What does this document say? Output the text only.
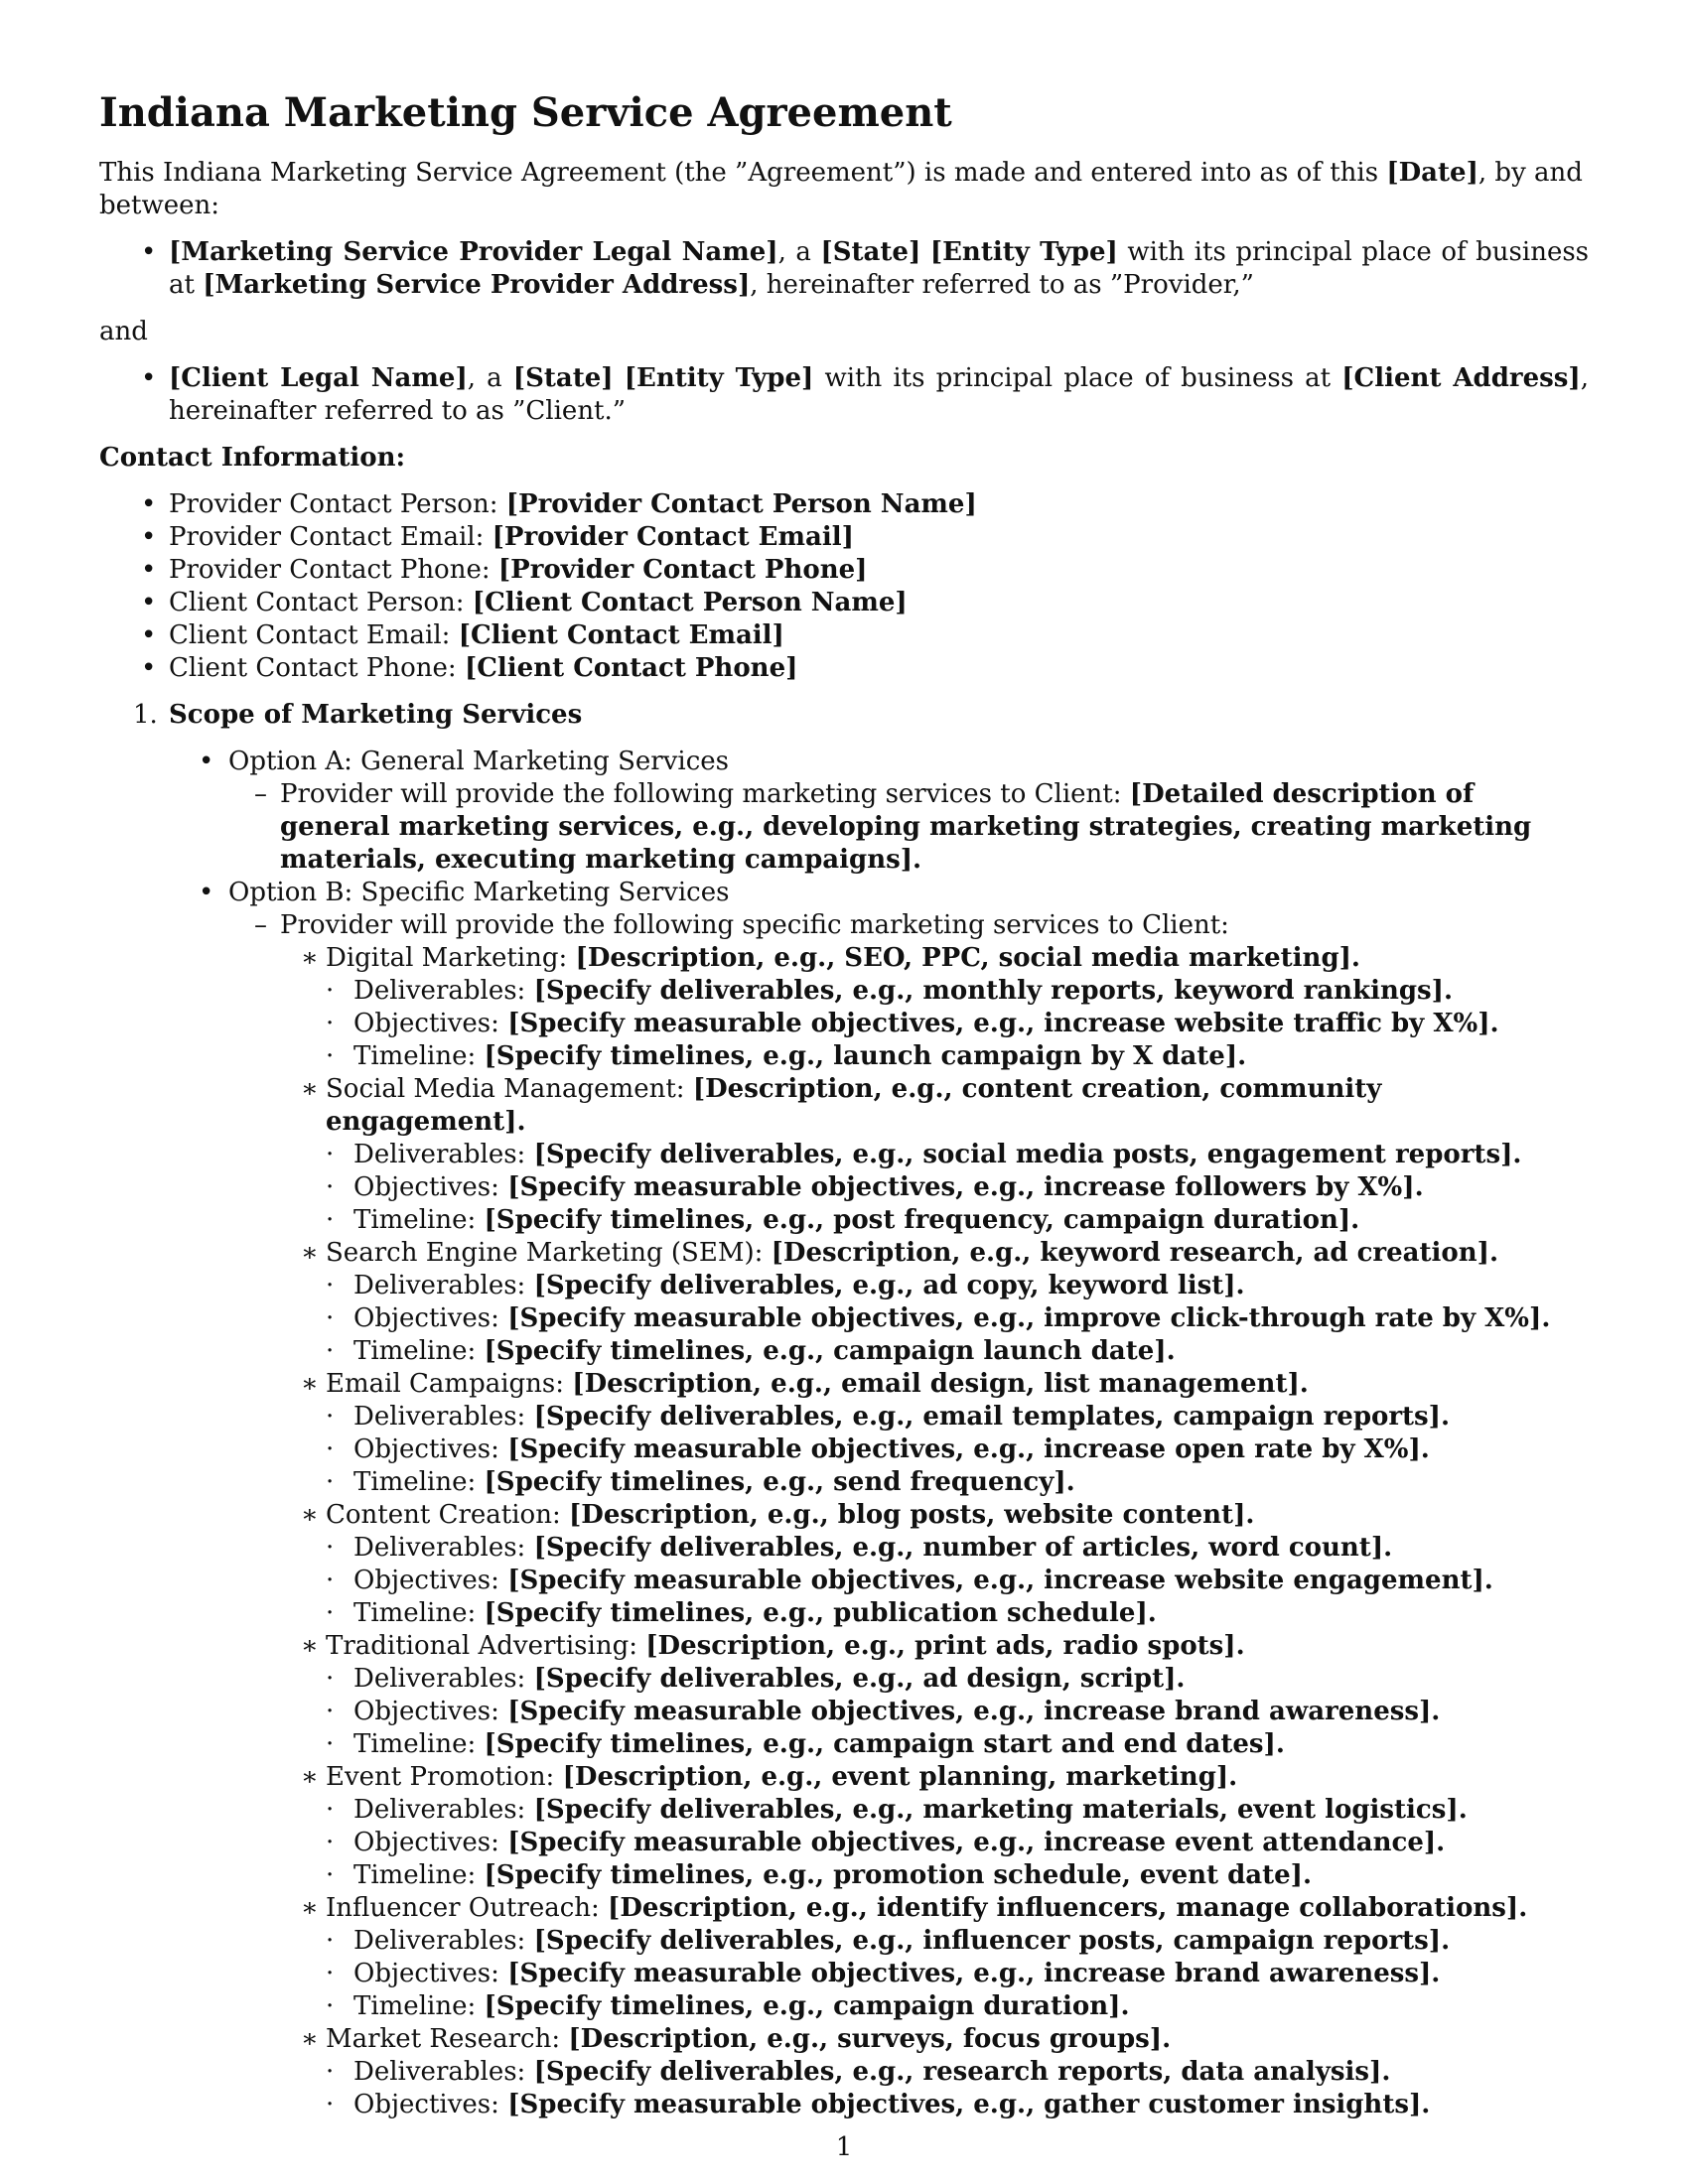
Indiana Marketing Service Agreement

This Indiana Marketing Service Agreement (the ”Agreement”) is made and entered into as of this [Date], by and between:

• [Marketing Service Provider Legal Name], a [State] [Entity Type] with its principal place of business at [Marketing Service Provider Address], hereinafter referred to as ”Provider,”

and

• [Client Legal Name], a [State] [Entity Type] with its principal place of business at [Client Address], hereinafter referred to as ”Client.”

Contact Information:

• Provider Contact Person: [Provider Contact Person Name]
• Provider Contact Email: [Provider Contact Email]
• Provider Contact Phone: [Provider Contact Phone]
• Client Contact Person: [Client Contact Person Name]
• Client Contact Email: [Client Contact Email]
• Client Contact Phone: [Client Contact Phone]
1. Scope of Marketing Services
• Option A: General Marketing Services
– Provider will provide the following marketing services to Client: [Detailed description of general marketing services, e.g., developing marketing strategies, creating marketing materials, executing marketing campaigns].
• Option B: Specific Marketing Services
– Provider will provide the following specific marketing services to Client:
∗ Digital Marketing: [Description, e.g., SEO, PPC, social media marketing].
· Deliverables: [Specify deliverables, e.g., monthly reports, keyword rankings].
· Objectives: [Specify measurable objectives, e.g., increase website traffic by X%].
· Timeline: [Specify timelines, e.g., launch campaign by X date].
∗ Social Media Management: [Description, e.g., content creation, community engagement].
· Deliverables: [Specify deliverables, e.g., social media posts, engagement reports].
· Objectives: [Specify measurable objectives, e.g., increase followers by X%].
· Timeline: [Specify timelines, e.g., post frequency, campaign duration].
∗ Search Engine Marketing (SEM): [Description, e.g., keyword research, ad creation].
· Deliverables: [Specify deliverables, e.g., ad copy, keyword list].
· Objectives: [Specify measurable objectives, e.g., improve click-through rate by X%].
· Timeline: [Specify timelines, e.g., campaign launch date].
∗ Email Campaigns: [Description, e.g., email design, list management].
· Deliverables: [Specify deliverables, e.g., email templates, campaign reports].
· Objectives: [Specify measurable objectives, e.g., increase open rate by X%].
· Timeline: [Specify timelines, e.g., send frequency].
∗ Content Creation: [Description, e.g., blog posts, website content].
· Deliverables: [Specify deliverables, e.g., number of articles, word count].
· Objectives: [Specify measurable objectives, e.g., increase website engagement].
· Timeline: [Specify timelines, e.g., publication schedule].
∗ Traditional Advertising: [Description, e.g., print ads, radio spots].
· Deliverables: [Specify deliverables, e.g., ad design, script].
· Objectives: [Specify measurable objectives, e.g., increase brand awareness].
· Timeline: [Specify timelines, e.g., campaign start and end dates].
∗ Event Promotion: [Description, e.g., event planning, marketing].
· Deliverables: [Specify deliverables, e.g., marketing materials, event logistics].
· Objectives: [Specify measurable objectives, e.g., increase event attendance].
· Timeline: [Specify timelines, e.g., promotion schedule, event date].
∗ Influencer Outreach: [Description, e.g., identify influencers, manage collaborations].
· Deliverables: [Specify deliverables, e.g., influencer posts, campaign reports].
· Objectives: [Specify measurable objectives, e.g., increase brand awareness].
· Timeline: [Specify timelines, e.g., campaign duration].
∗ Market Research: [Description, e.g., surveys, focus groups].
· Deliverables: [Specify deliverables, e.g., research reports, data analysis].
· Objectives: [Specify measurable objectives, e.g., gather customer insights].
1
